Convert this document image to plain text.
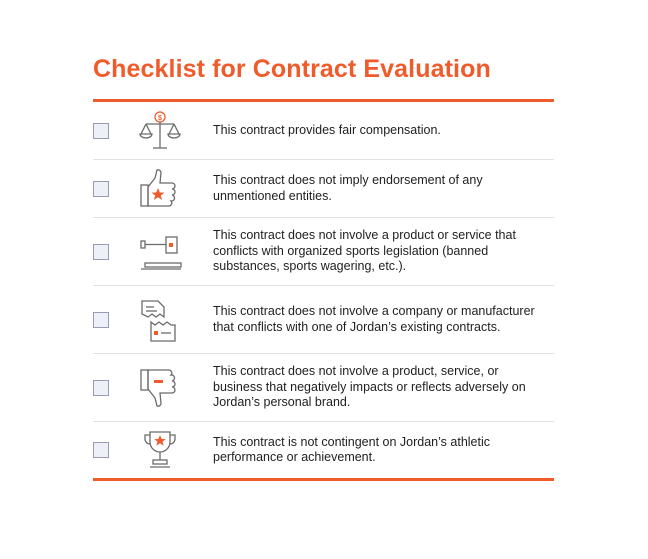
Checklist for Contract Evaluation
$
This contract provides fair compensation.
This contract does not imply endorsement of any unmentioned entities.
This contract does not involve a product or service that conflicts with organized sports legislation (banned substances, sports wagering, etc.).
This contract does not involve a company or manufacturer that conflicts with one of Jordan’s existing contracts.
This contract does not involve a product, service, or business that negatively impacts or reflects adversely on Jordan’s personal brand.
This contract is not contingent on Jordan’s athletic performance or achievement.
